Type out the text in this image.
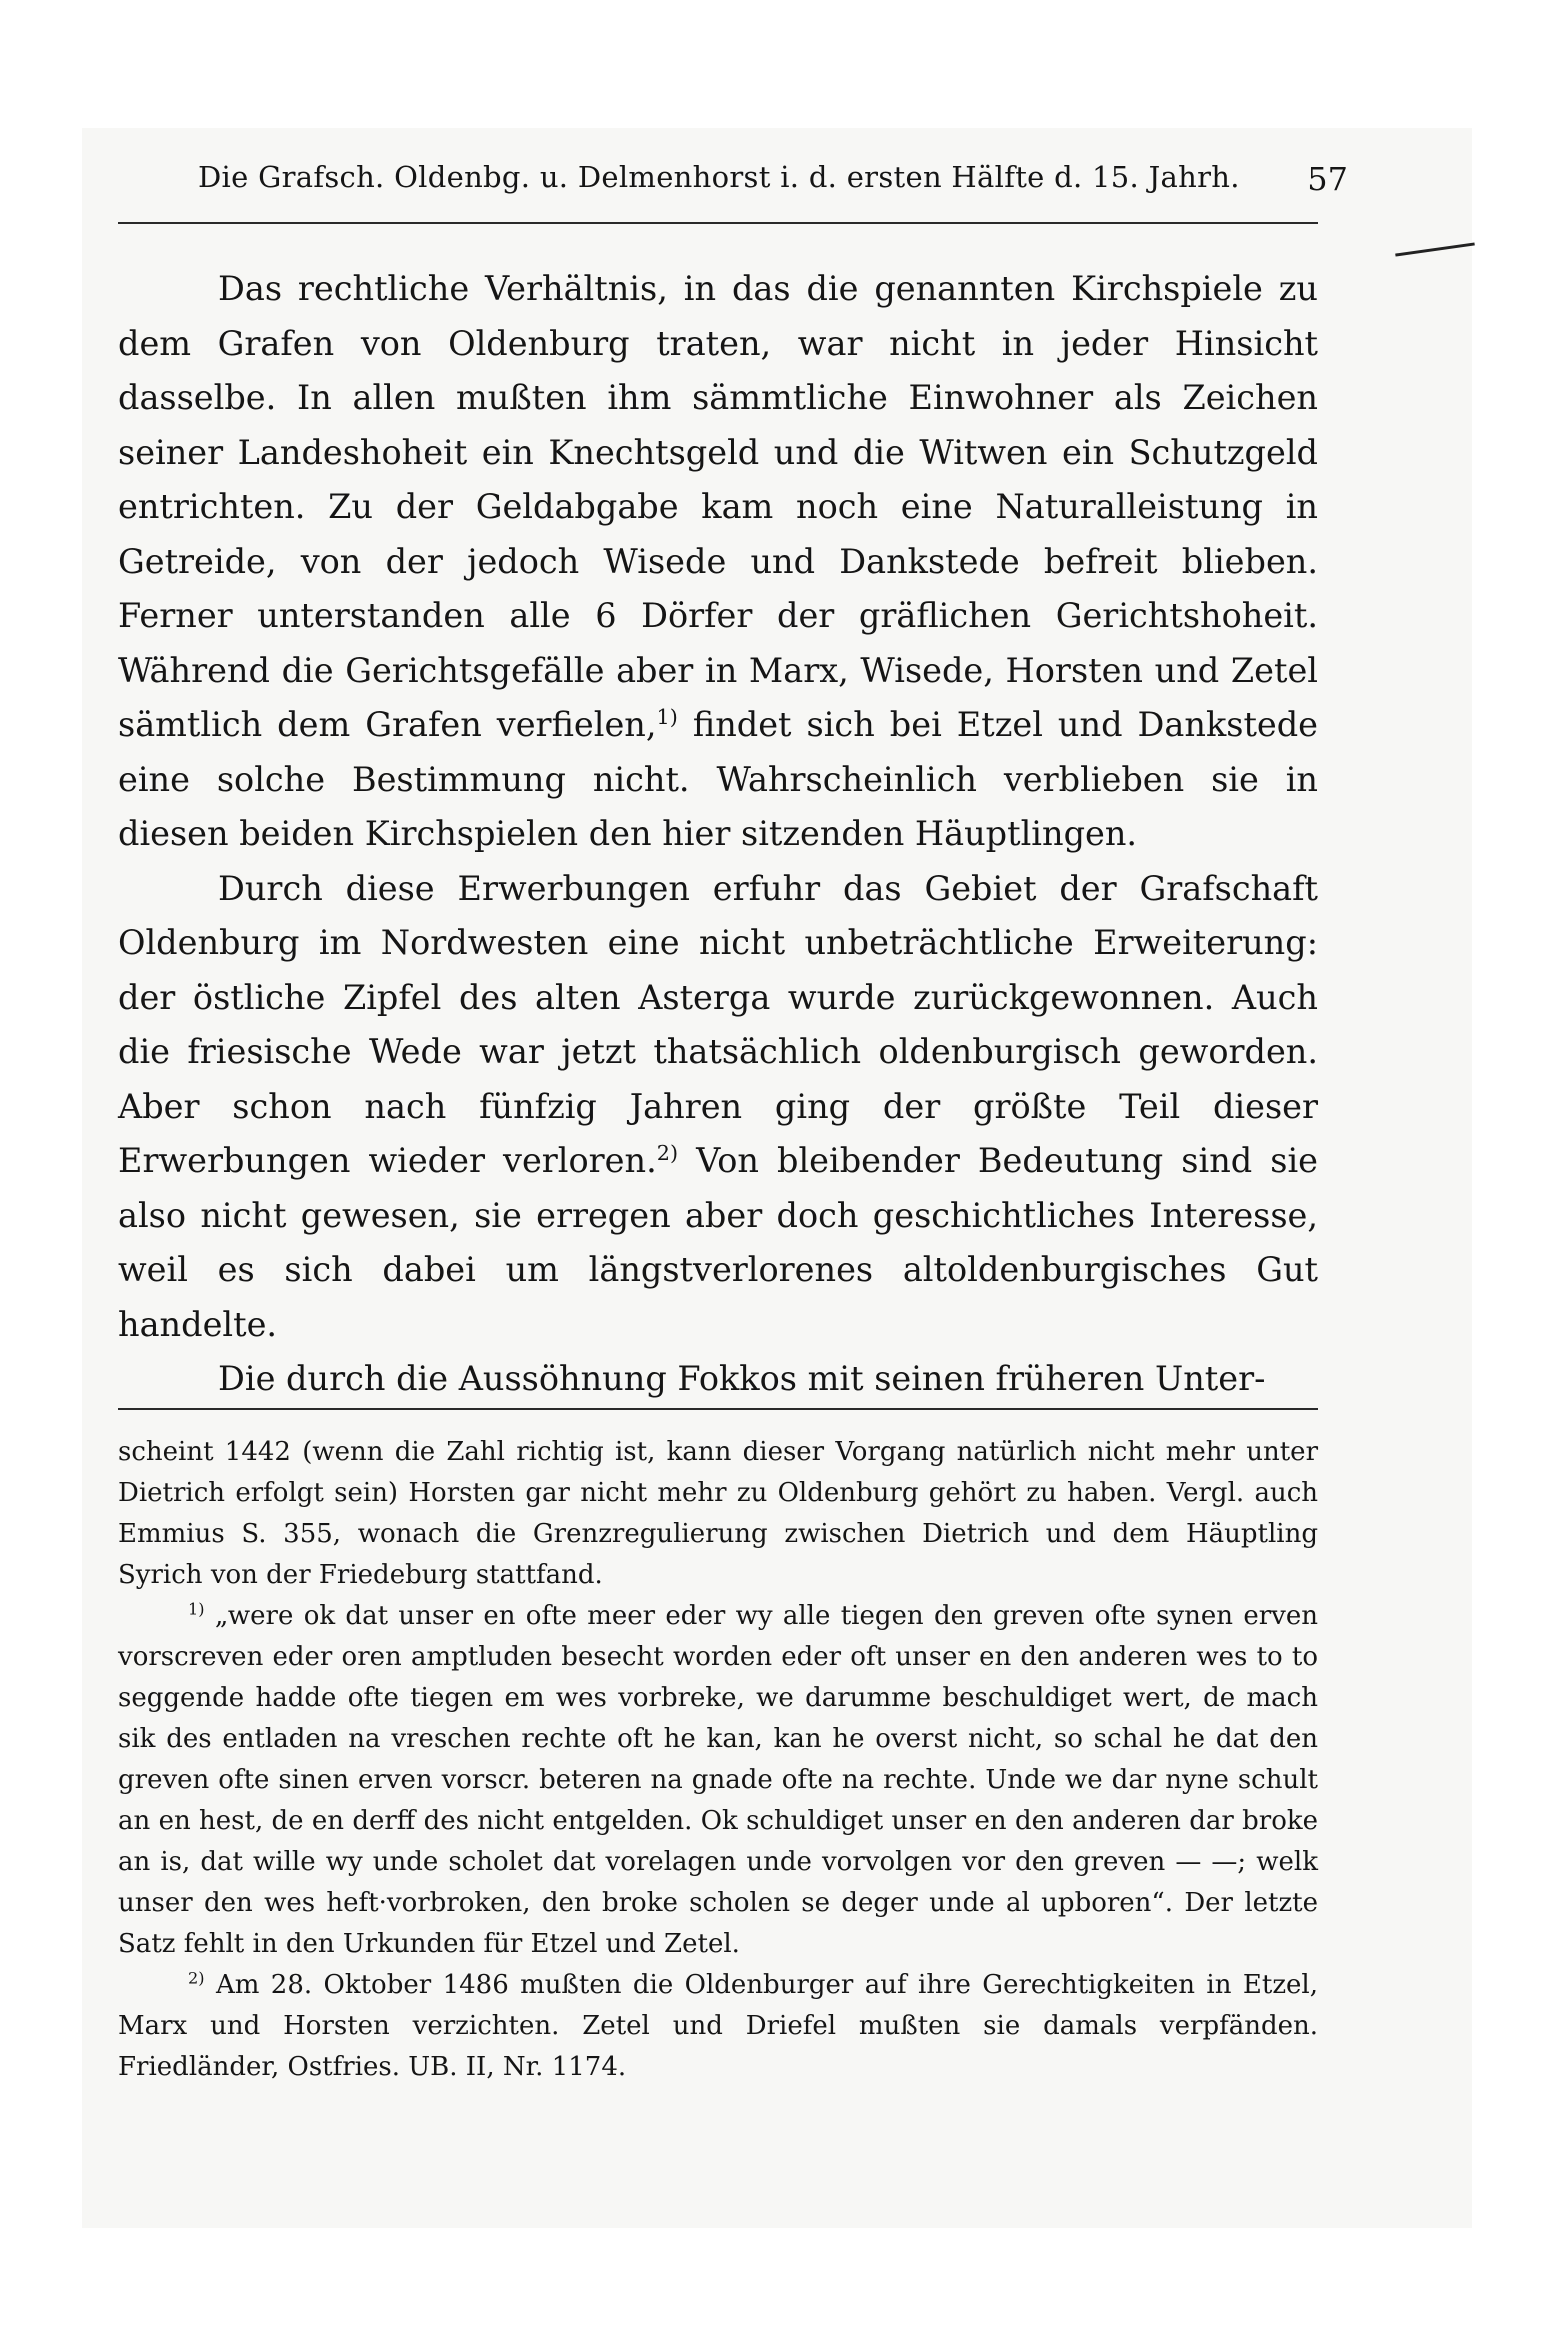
Die Grafsch. Oldenbg. u. Delmenhorst i. d. ersten Hälfte d. 15. Jahrh. 57

Das rechtliche Verhältnis, in das die genannten Kirchspiele zu dem Grafen von Oldenburg traten, war nicht in jeder Hinsicht dasselbe. In allen mußten ihm sämmtliche Einwohner als Zeichen seiner Landeshoheit ein Knechtsgeld und die Witwen ein Schutzgeld entrichten. Zu der Geldabgabe kam noch eine Naturalleistung in Getreide, von der jedoch Wisede und Dankstede befreit blieben. Ferner unterstanden alle 6 Dörfer der gräflichen Gerichtshoheit. Während die Gerichtsgefälle aber in Marx, Wisede, Horsten und Zetel sämtlich dem Grafen verfielen,$^{1)}$ findet sich bei Etzel und Dankstede eine solche Bestimmung nicht. Wahrscheinlich verblieben sie in diesen beiden Kirchspielen den hier sitzenden Häuptlingen.

Durch diese Erwerbungen erfuhr das Gebiet der Grafschaft Oldenburg im Nordwesten eine nicht unbeträchtliche Erweiterung: der östliche Zipfel des alten Asterga wurde zurückgewonnen. Auch die friesische Wede war jetzt thatsächlich oldenburgisch geworden. Aber schon nach fünfzig Jahren ging der größte Teil dieser Erwerbungen wieder verloren.$^{2)}$ Von bleibender Bedeutung sind sie also nicht gewesen, sie erregen aber doch geschichtliches Interesse, weil es sich dabei um längstverlorenes altoldenburgisches Gut handelte.

Die durch die Aussöhnung Fokkos mit seinen früheren Unter-

scheint 1442 (wenn die Zahl richtig ist, kann dieser Vorgang natürlich nicht mehr unter Dietrich erfolgt sein) Horsten gar nicht mehr zu Oldenburg gehört zu haben. Vergl. auch Emmius S. 355, wonach die Grenzregulierung zwischen Dietrich und dem Häuptling Syrich von der Friedeburg stattfand.

$^{1)}$ „were ok dat unser en ofte meer eder wy alle tiegen den greven ofte synen erven vorscreven eder oren amptluden besecht worden eder oft unser en den anderen wes to to seggende hadde ofte tiegen em wes vorbreke, we darumme beschuldiget wert, de mach sik des entladen na vreschen rechte oft he kan, kan he overst nicht, so schal he dat den greven ofte sinen erven vorscr. beteren na gnade ofte na rechte. Unde we dar nyne schult an en hest, de en derff des nicht entgelden. Ok schuldiget unser en den anderen dar broke an is, dat wille wy unde scholet dat vorelagen unde vorvolgen vor den greven — —; welk unser den wes heft·vorbroken, den broke scholen se deger unde al upboren“. Der letzte Satz fehlt in den Urkunden für Etzel und Zetel.

$^{2)}$ Am 28. Oktober 1486 mußten die Oldenburger auf ihre Gerechtigkeiten in Etzel, Marx und Horsten verzichten. Zetel und Driefel mußten sie damals verpfänden. Friedländer, Ostfries. UB. II, Nr. 1174.
